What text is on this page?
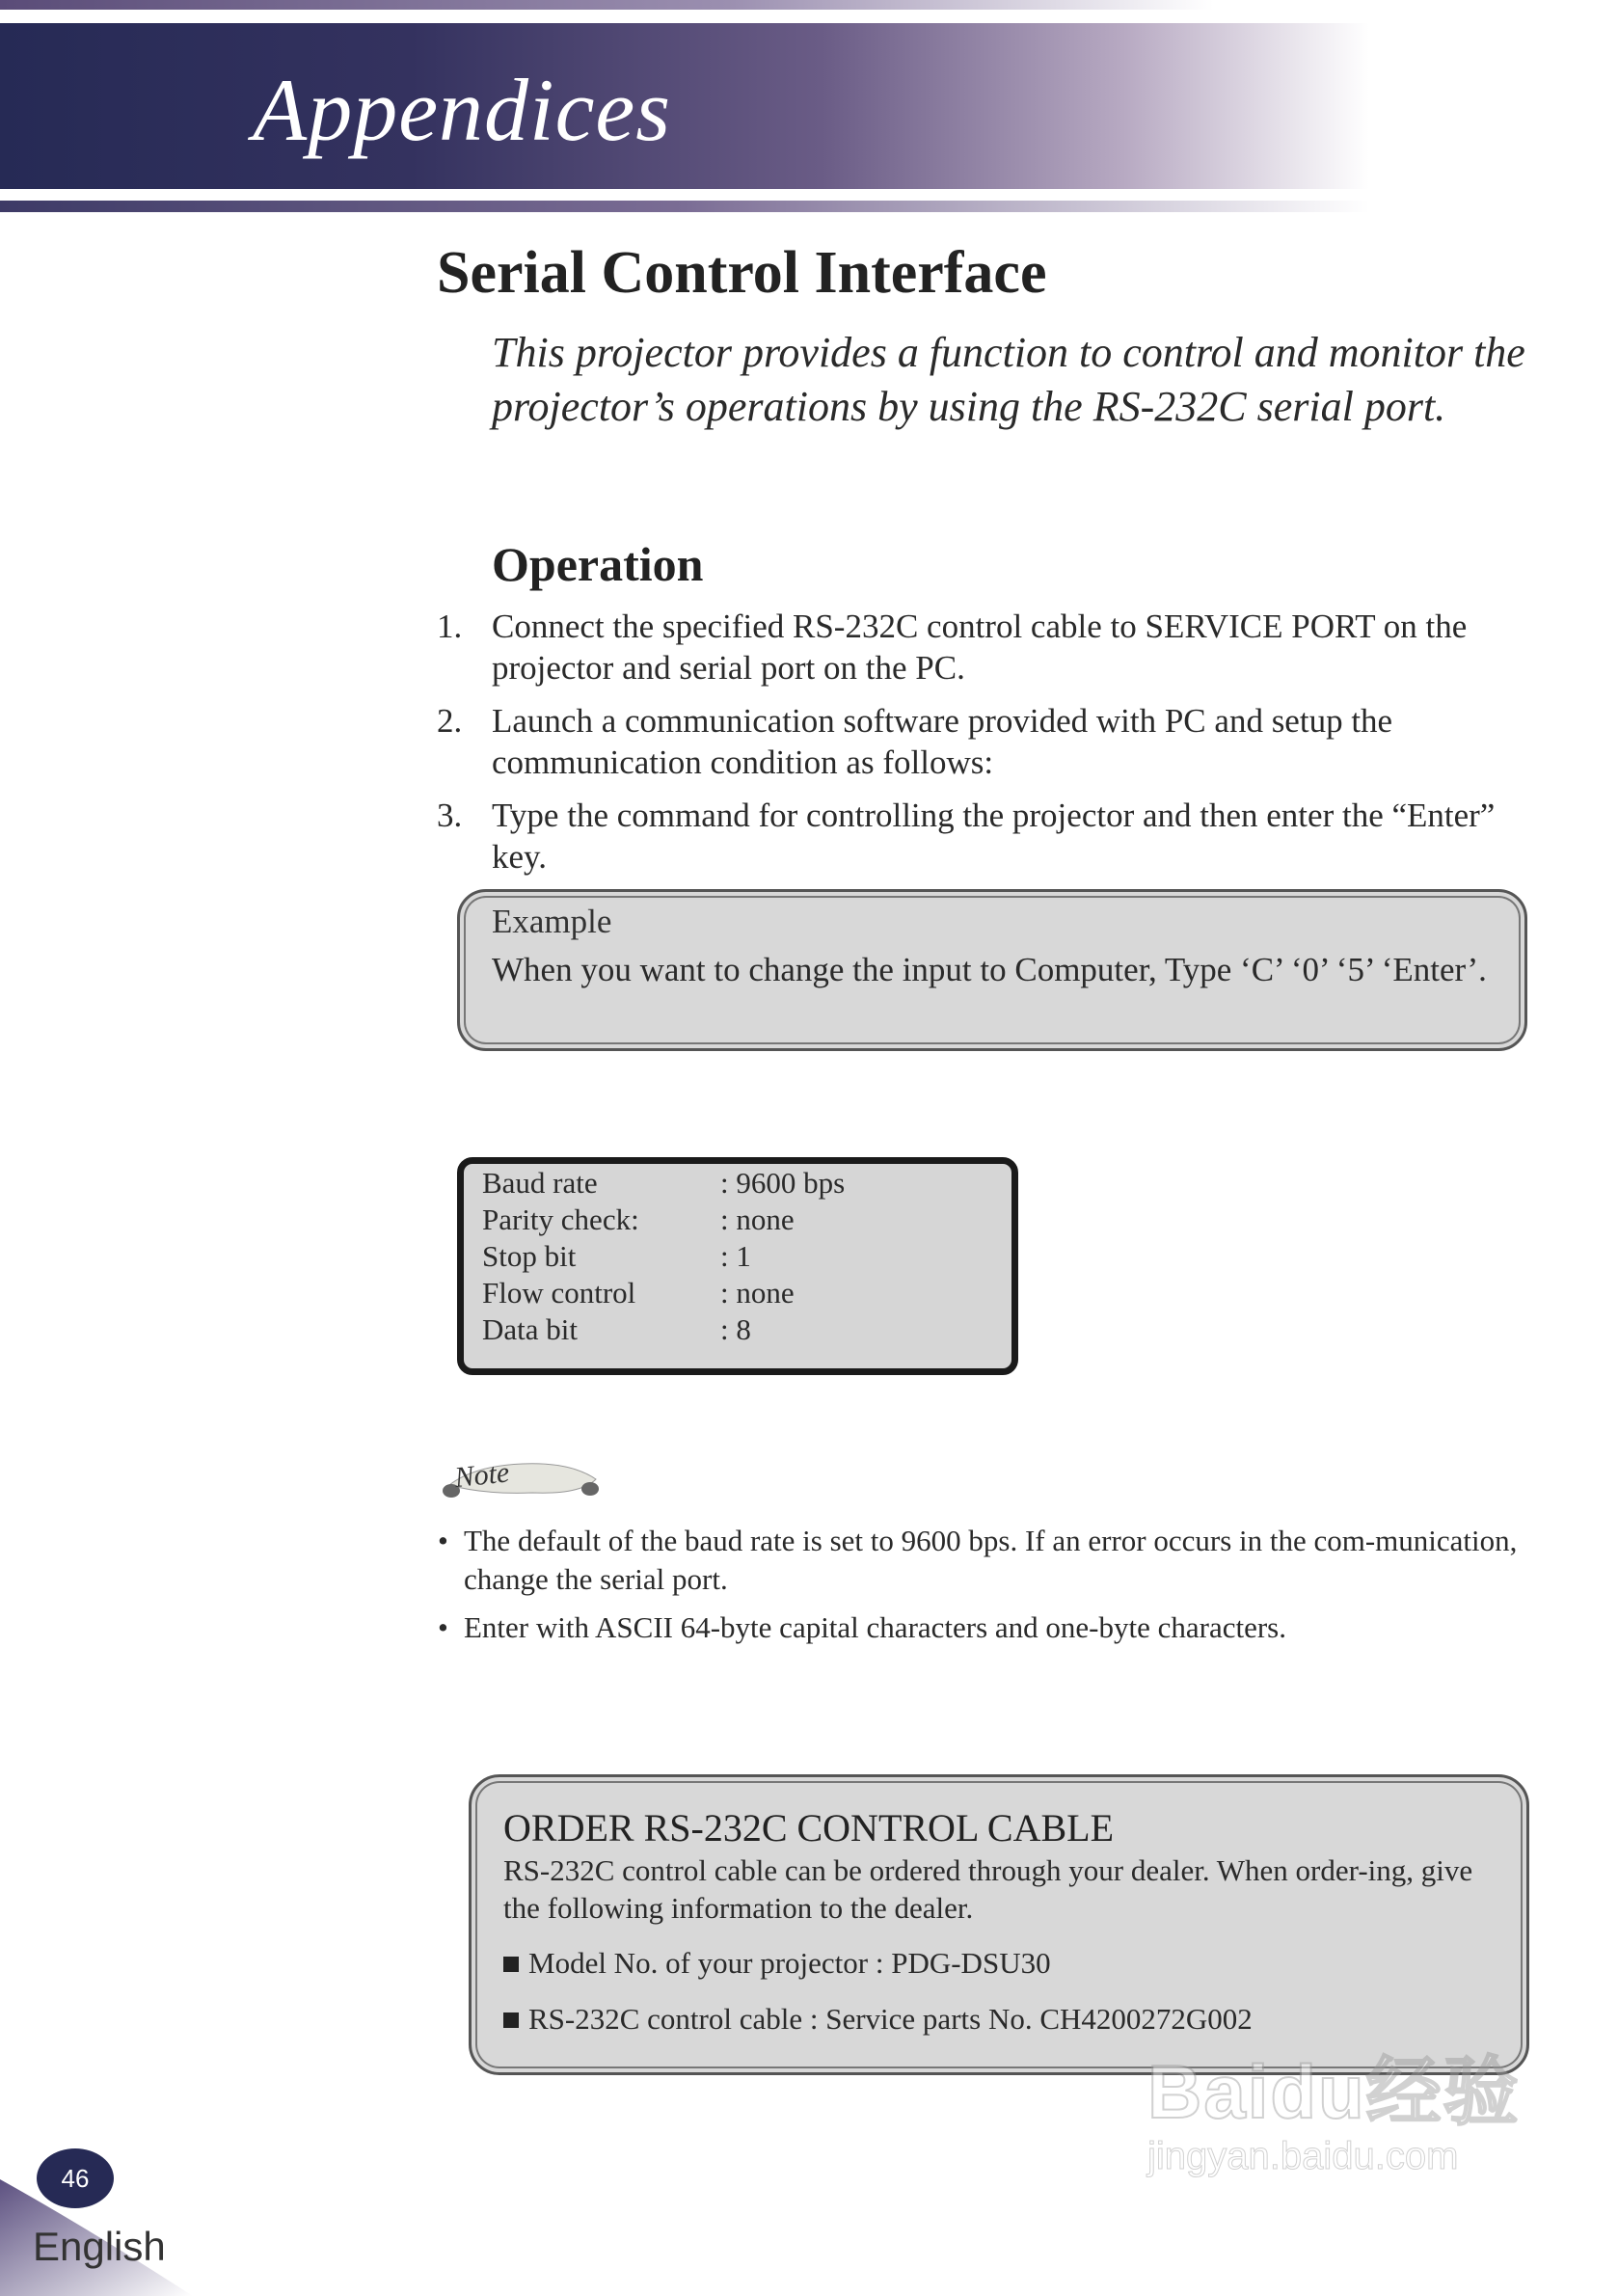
Appendices
Serial Control Interface
This projector provides a function to control and monitor the projector’s operations by using the RS-232C serial port.
Operation
1. Connect the specified RS-232C control cable to SERVICE PORT on the projector and serial port on the PC.
2. Launch a communication software provided with PC and setup the communication condition as follows:
3. Type the command for controlling the projector and then enter the “Enter” key.
Example
When you want to change the input to Computer, Type ‘C’ ‘0’ ‘5’ ‘Enter’.
Baud rate	: 9600 bps
Parity check:	: none
Stop bit	: 1
Flow control	: none
Data bit	: 8
Note
• The default of the baud rate is set to 9600 bps. If an error occurs in the com-munication, change the serial port.
• Enter with ASCII 64-byte capital characters and one-byte characters.
ORDER RS-232C CONTROL CABLE
RS-232C control cable can be ordered through your dealer. When order-ing, give the following information to the dealer.
Model No. of your projector : PDG-DSU30
RS-232C control cable : Service parts No. CH4200272G002
46
English
Baidu经验
jingyan.baidu.com
